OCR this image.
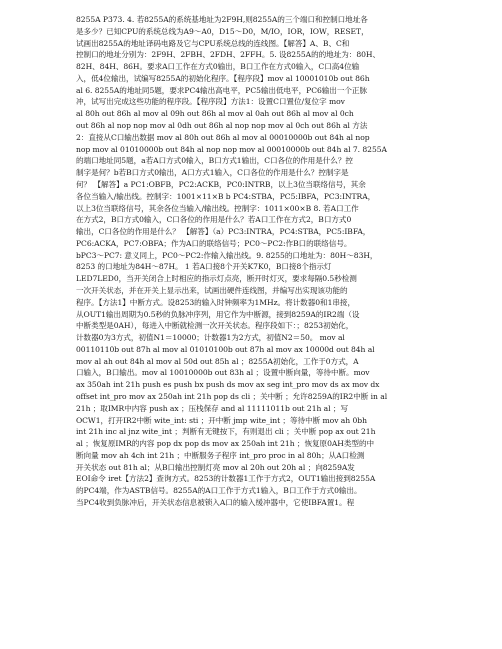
8255A P373. 4. 若8255A的系统基地址为2F9H,则8255A的三个端口和控制口地址各
是多少？已知CPU的系统总线为A9～A0，D15～D0，M/IO，IOR，IOW，RESET，
试画出8255A的地址译码电路及它与CPU系统总线的连线图。【解答】A、B、C和
控制口的地址分别为：2F9H、2FBH、2FDH、2FFH。5. 设8255A的的地址为：80H、
82H、84H、86H。要求A口工作在方式0输出，B口工作在方式0输入，C口高4位输
入，低4位输出，试编写8255A的初始化程序。【程序段】mov al 10001010b out 86h
al 6. 8255A的地址同5题，要求PC4输出高电平，PC5输出低电平，PC6输出一个正脉
冲，试写出完成这些功能的程序段。【程序段】方法1：设置C口置位/复位字 mov
al 80h out 86h al mov al 09h out 86h al mov al 0ah out 86h al mov al 0ch
out 86h al nop nop mov al 0dh out 86h al nop nop mov al 0ch out 86h al 方法
2：直接从C口输出数据 mov al 80h out 86h al mov al 00010000b out 84h al nop
nop mov al 01010000b out 84h al nop nop mov al 00010000b out 84h al 7. 8255A
的端口地址同5题，a若A口方式0输入，B口方式1输出，C口各位的作用是什么？控
制字是何？b若B口方式0输出，A口方式1输入，C口各位的作用是什么？控制字是
何？ 【解答】a PC1:OBFB，PC2:ACKB，PC0:INTRB，以上3位当联络信号，其余
各位当输入/输出线。控制字：1001×11×B b PC4:STBA，PC5:IBFA，PC3:INTRA，
以上3位当联络信号，其余各位当输入/输出线。控制字：1011×00×B 8. 若A口工作
在方式2，B口方式0输入，C口各位的作用是什么？若A口工作在方式2，B口方式0
输出，C口各位的作用是什么？ 【解答】（a）PC3:INTRA，PC4:STBA，PC5:IBFA，
PC6:ACKA，PC7:OBFA；作为A口的联络信号；PC0～PC2:作B口的联络信号。
bPC3～PC7: 意义同上，PC0～PC2:作输入输出线。9. 8255的口地址为：80H～83H，
8253 的口地址为84H～87H。 1 若A口接8个开关K7K0，B口接8个指示灯
LED7LED0，当开关闭合上时相应的指示灯点亮，断开时灯灭，要求每隔0.5秒检测
一次开关状态，并在开关上显示出来，试画出硬件连线图，并编写出实现该功能的
程序。【方法1】中断方式。设8253的输入时钟频率为1MHz。将计数器0和1串接，
从OUT1输出周期为0.5秒的负脉冲序列，用它作为中断源，接到8259A的IR2端（设
中断类型是0AH），每进入中断就检测一次开关状态。程序段如下：；8253初始化，
计数器0为3方式，初值N1＝10000；计数器1为2方式，初值N2＝50。 mov al
00110110b out 87h al mov al 01010100b out 87h al mov ax 10000d out 84h al
mov al ah out 84h al mov al 50d out 85h al ；8255A初始化，工作于0方式，A
口输入，B口输出。mov al 10010000b out 83h al ；设置中断向量，等待中断。mov
ax 350ah int 21h push es push bx push ds mov ax seg int_pro mov ds ax mov dx
offset int_pro mov ax 250ah int 21h pop ds cli ；关中断 ；允许8259A的IR2中断 in al
21h ；取IMR中内容 push ax ；压栈保存 and al 11111011b out 21h al ；写
OCW1，打开IR2中断 wite_int: sti ；开中断 jmp wite_int ；等待中断 mov ah 0bh
int 21h inc al jnz wite_int ；判断有无键按下，有则退出 cli ；关中断 pop ax out 21h
al ；恢复原IMR的内容 pop dx pop ds mov ax 250ah int 21h ；恢复原0AH类型的中
断向量 mov ah 4ch int 21h ；中断服务子程序 int_pro proc in al 80h；从A口检测
开关状态 out 81h al；从B口输出控制灯亮 mov al 20h out 20h al ；向8259A发
EOI命令 iret【方法2】查询方式。8253的计数器1工作于方式2，OUT1输出接到8255A
的PC4端，作为ASTB信号。8255A的A口工作于方式1输入，B口工作于方式0输出。
当PC4收到负脉冲后，开关状态信息被锁入A口的输入缓冲器中，它使IBFA置1。程
